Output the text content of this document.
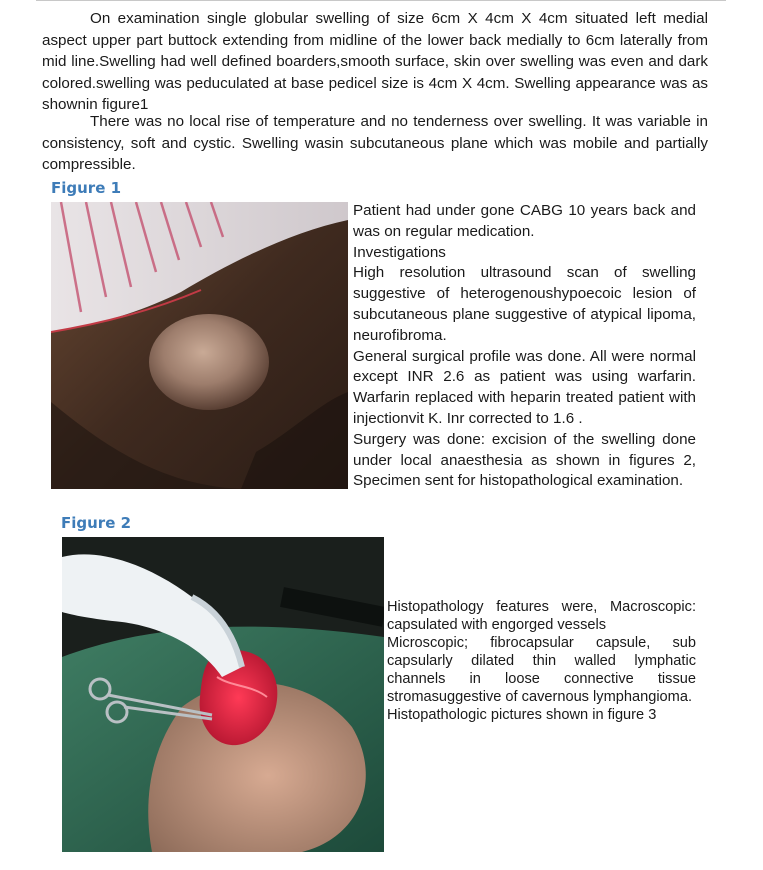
On examination single globular swelling of size 6cm X 4cm X 4cm situated left medial aspect upper part buttock extending from midline of the lower back medially to 6cm laterally from mid line.Swelling had well defined boarders,smooth surface, skin over swelling was even and dark colored.swelling was peduculated at base pedicel size is 4cm X 4cm. Swelling appearance was as shownin figure1

There was no local rise of temperature and no tenderness over swelling. It was variable in consistency, soft and cystic. Swelling wasin subcutaneous plane which was mobile and partially compressible.

Figure 1

Patient had under gone CABG 10 years back and was on regular medication.

Investigations

High resolution ultrasound scan of swelling suggestive of heterogenoushypoecoic lesion of subcutaneous plane suggestive of atypical lipoma, neurofibroma.

General surgical profile was done. All were normal except INR 2.6 as patient was using warfarin. Warfarin replaced with heparin treated patient with injectionvit K. Inr corrected to 1.6 .

Surgery was done: excision of the swelling done under local anaesthesia as shown in figures 2, Specimen sent for histopathological examination.

Figure 2

Histopathology features were, Macroscopic: capsulated with engorged vessels

Microscopic; fibrocapsular capsule, sub capsularly dilated thin walled lymphatic channels in loose connective tissue stromasuggestive of cavernous lymphangioma.

Histopathologic pictures shown in figure 3
